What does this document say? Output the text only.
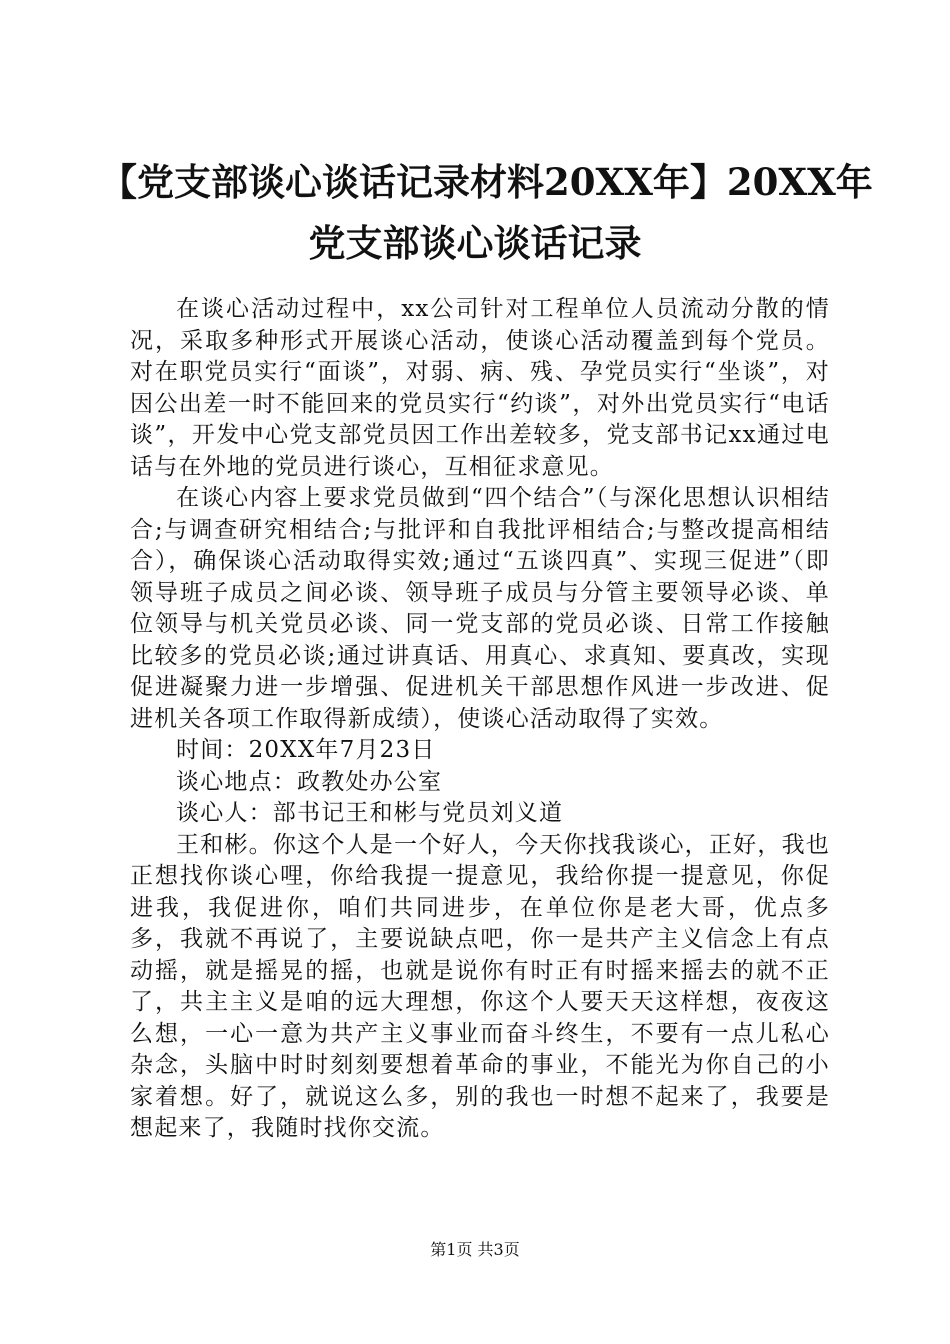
【党支部谈心谈话记录材料20XX年】20XX年
党支部谈心谈话记录

在谈心活动过程中，xx公司针对工程单位人员流动分散的情况，采取多种形式开展谈心活动，使谈心活动覆盖到每个党员。对在职党员实行“面谈”，对弱、病、残、孕党员实行“坐谈”，对因公出差一时不能回来的党员实行“约谈”，对外出党员实行“电话谈”，开发中心党支部党员因工作出差较多，党支部书记xx通过电话与在外地的党员进行谈心，互相征求意见。

在谈心内容上要求党员做到“四个结合”（与深化思想认识相结合;与调查研究相结合;与批评和自我批评相结合;与整改提高相结合），确保谈心活动取得实效;通过“五谈四真”、实现三促进”（即领导班子成员之间必谈、领导班子成员与分管主要领导必谈、单位领导与机关党员必谈、同一党支部的党员必谈、日常工作接触比较多的党员必谈;通过讲真话、用真心、求真知、要真改，实现促进凝聚力进一步增强、促进机关干部思想作风进一步改进、促进机关各项工作取得新成绩），使谈心活动取得了实效。

时间：20XX年7月23日

谈心地点：政教处办公室

谈心人：部书记王和彬与党员刘义道

王和彬。你这个人是一个好人，今天你找我谈心，正好，我也正想找你谈心哩，你给我提一提意见，我给你提一提意见，你促进我，我促进你，咱们共同进步，在单位你是老大哥，优点多多，我就不再说了，主要说缺点吧，你一是共产主义信念上有点动摇，就是摇晃的摇，也就是说你有时正有时摇来摇去的就不正了，共主主义是咱的远大理想，你这个人要天天这样想，夜夜这么想，一心一意为共产主义事业而奋斗终生，不要有一点儿私心杂念，头脑中时时刻刻要想着革命的事业，不能光为你自己的小家着想。好了，就说这么多，别的我也一时想不起来了，我要是想起来了，我随时找你交流。

第1页 共3页
